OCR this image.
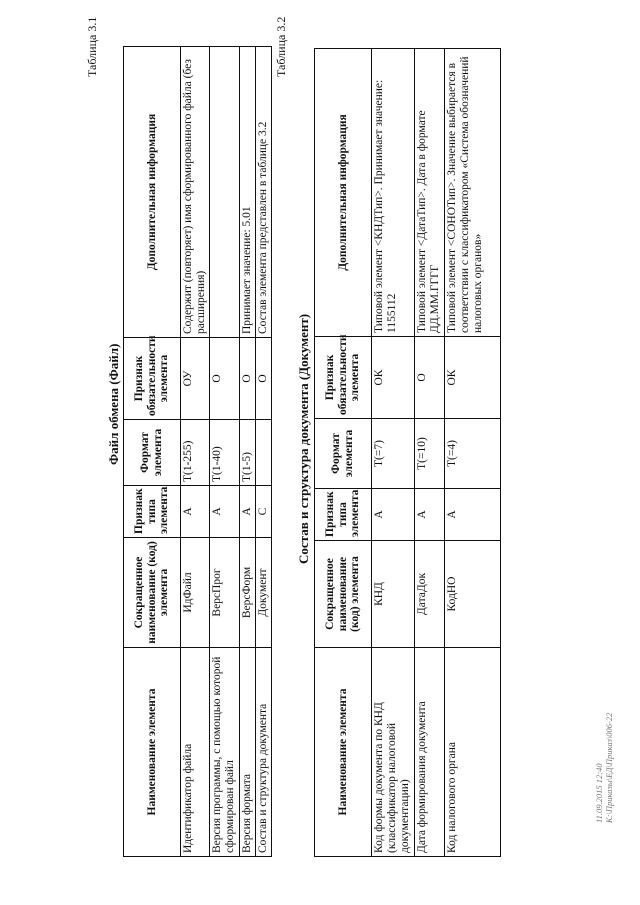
Таблица 3.1
Файл обмена (Файл)
Наименование элемента	Сокращенное наименование (код) элемента	Признак типа элемента	Формат элемента	Признак обязательности элемента	Дополнительная информация
Идентификатор файла	ИдФайл	А	Т(1-255)	ОУ	Содержит (повторяет) имя сформированного файла (без расширения)
Версия программы, с помощью которой сформирован файл	ВерсПрог	А	Т(1-40)	О	
Версия формата	ВерсФорм	А	Т(1-5)	О	Принимает значение: 5.01
Состав и структура документа	Документ	С		О	Состав элемента представлен в таблице 3.2
Таблица 3.2
Состав и структура документа (Документ)
Наименование элемента	Сокращенное наименование (код) элемента	Признак типа элемента	Формат элемента	Признак обязательности элемента	Дополнительная информация
Код формы документа по КНД (классификатор налоговой документации)	КНД	А	Т(=7)	ОК	Типовой элемент <КНДТип>. Принимает значение: 1155112
Дата формирования документа	ДатаДок	А	Т(=10)	О	Типовой элемент <ДатаТип>. Дата в формате ДД.ММ.ГГГГ
Код налогового органа	КодНО	А	Т(=4)	ОК	Типовой элемент <СОНОТип>. Значение выбирается в соответствии с классификатором «Система обозначений налоговых органов»
11.09.2015 12:40 K:\Приказы\ЕД\Приказ\006-22
